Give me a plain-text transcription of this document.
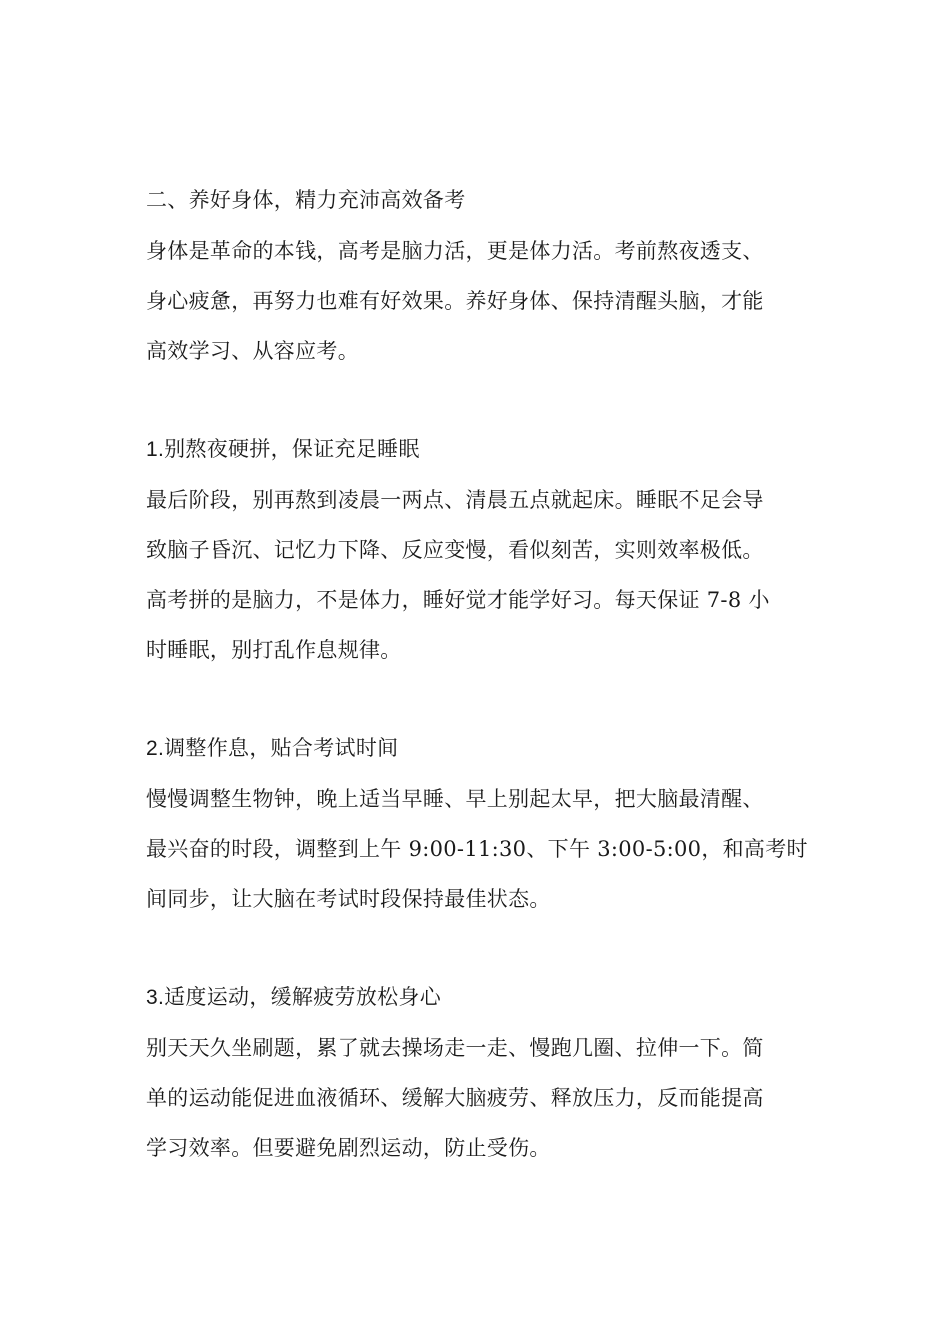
二、养好身体，精力充沛高效备考
身体是革命的本钱，高考是脑力活，更是体力活。考前熬夜透支、
身心疲惫，再努力也难有好效果。养好身体、保持清醒头脑，才能
高效学习、从容应考。
1.别熬夜硬拼，保证充足睡眠
最后阶段，别再熬到凌晨一两点、清晨五点就起床。睡眠不足会导
致脑子昏沉、记忆力下降、反应变慢，看似刻苦，实则效率极低。
高考拼的是脑力，不是体力，睡好觉才能学好习。每天保证 7-8 小
时睡眠，别打乱作息规律。
2.调整作息，贴合考试时间
慢慢调整生物钟，晚上适当早睡、早上别起太早，把大脑最清醒、
最兴奋的时段，调整到上午 9:00-11:30、下午 3:00-5:00，和高考时
间同步，让大脑在考试时段保持最佳状态。
3.适度运动，缓解疲劳放松身心
别天天久坐刷题，累了就去操场走一走、慢跑几圈、拉伸一下。简
单的运动能促进血液循环、缓解大脑疲劳、释放压力，反而能提高
学习效率。但要避免剧烈运动，防止受伤。
